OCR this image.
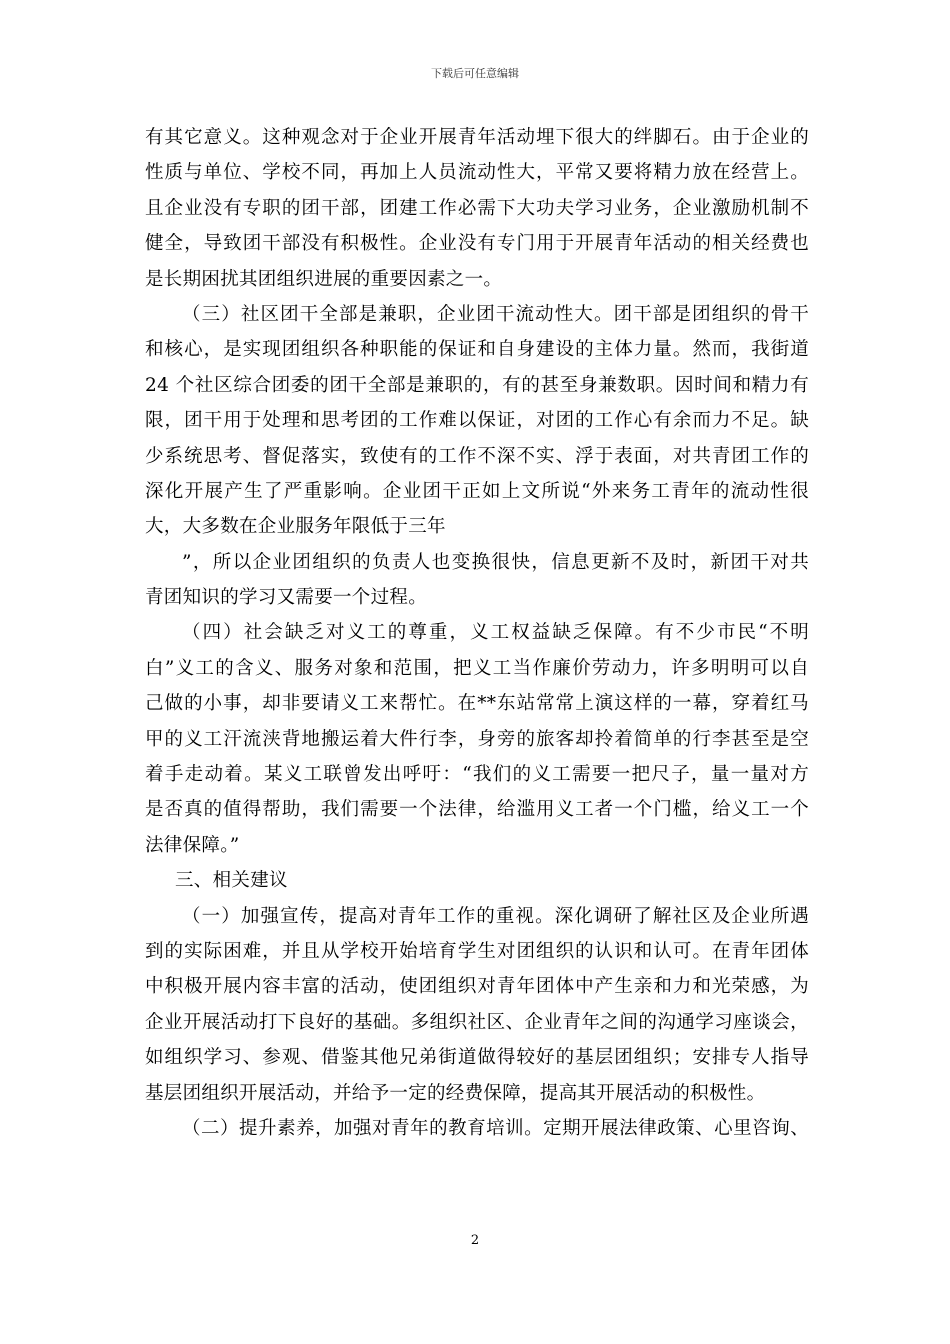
下载后可任意编辑
有其它意义。这种观念对于企业开展青年活动埋下很大的绊脚石。由于企业的
性质与单位、学校不同，再加上人员流动性大，平常又要将精力放在经营上。
且企业没有专职的团干部，团建工作必需下大功夫学习业务，企业激励机制不
健全，导致团干部没有积极性。企业没有专门用于开展青年活动的相关经费也
是长期困扰其团组织进展的重要因素之一。
（三）社区团干全部是兼职，企业团干流动性大。团干部是团组织的骨干
和核心，是实现团组织各种职能的保证和自身建设的主体力量。然而，我街道
24 个社区综合团委的团干全部是兼职的，有的甚至身兼数职。因时间和精力有
限，团干用于处理和思考团的工作难以保证，对团的工作心有余而力不足。缺
少系统思考、督促落实，致使有的工作不深不实、浮于表面，对共青团工作的
深化开展产生了严重影响。企业团干正如上文所说“外来务工青年的流动性很
大，大多数在企业服务年限低于三年
”，所以企业团组织的负责人也变换很快，信息更新不及时，新团干对共
青团知识的学习又需要一个过程。
（四）社会缺乏对义工的尊重，义工权益缺乏保障。有不少市民“不明
白”义工的含义、服务对象和范围，把义工当作廉价劳动力，许多明明可以自
己做的小事，却非要请义工来帮忙。在**东站常常上演这样的一幕，穿着红马
甲的义工汗流浃背地搬运着大件行李，身旁的旅客却拎着简单的行李甚至是空
着手走动着。某义工联曾发出呼吁：“我们的义工需要一把尺子，量一量对方
是否真的值得帮助，我们需要一个法律，给滥用义工者一个门槛，给义工一个
法律保障。”
三、相关建议
（一）加强宣传，提高对青年工作的重视。深化调研了解社区及企业所遇
到的实际困难，并且从学校开始培育学生对团组织的认识和认可。在青年团体
中积极开展内容丰富的活动，使团组织对青年团体中产生亲和力和光荣感，为
企业开展活动打下良好的基础。多组织社区、企业青年之间的沟通学习座谈会，
如组织学习、参观、借鉴其他兄弟街道做得较好的基层团组织；安排专人指导
基层团组织开展活动，并给予一定的经费保障，提高其开展活动的积极性。
（二）提升素养，加强对青年的教育培训。定期开展法律政策、心里咨询、
2
